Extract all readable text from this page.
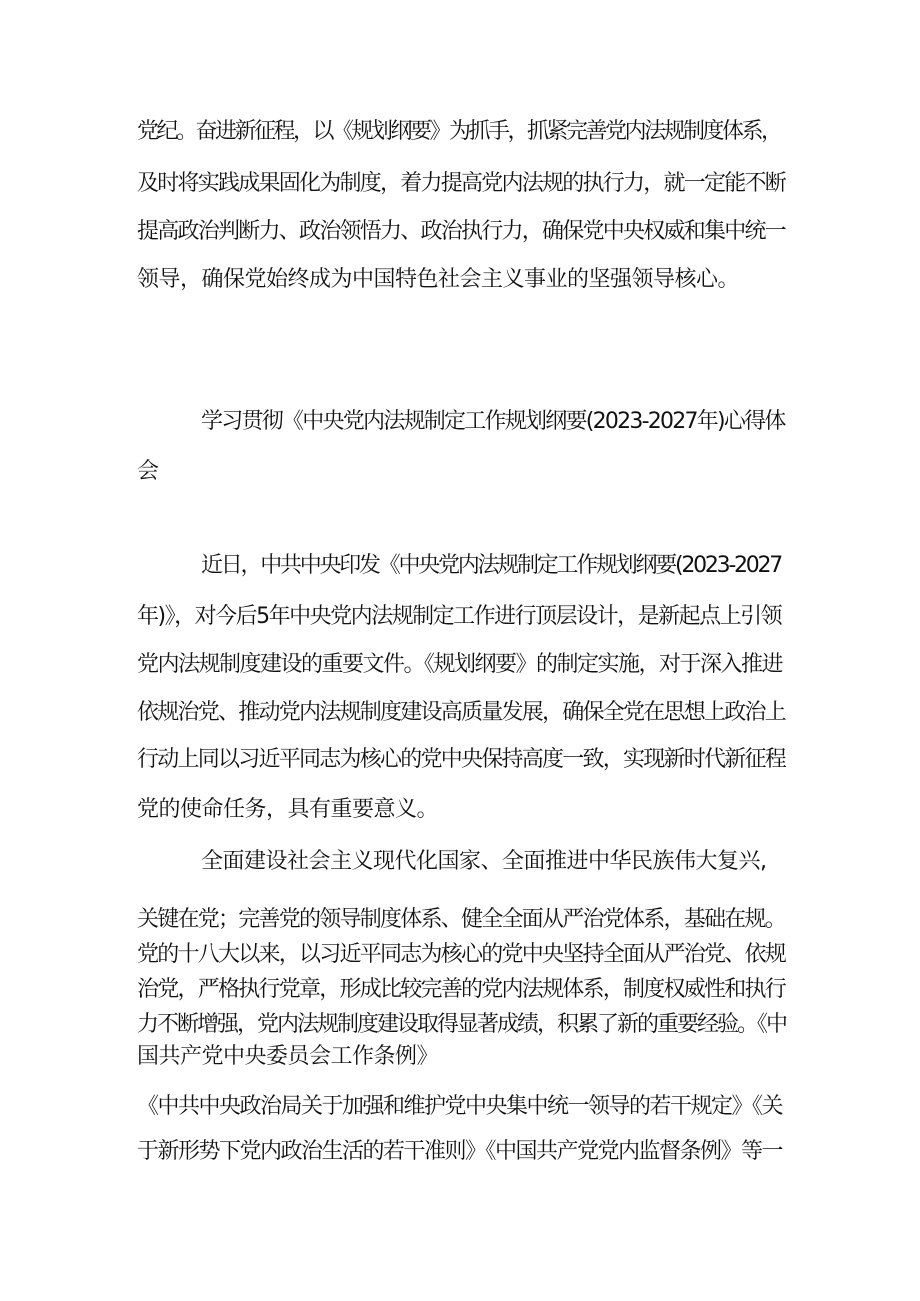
党纪。奋进新征程，以《规划纲要》为抓手，抓紧完善党内法规制度体系，
及时将实践成果固化为制度，着力提高党内法规的执行力，就一定能不断
提高政治判断力、政治领悟力、政治执行力，确保党中央权威和集中统一
领导，确保党始终成为中国特色社会主义事业的坚强领导核心。
学习贯彻《中央党内法规制定工作规划纲要(2023-2027年)心得体
会
近日，中共中央印发《中央党内法规制定工作规划纲要(2023-2027
年)》，对今后5年中央党内法规制定工作进行顶层设计，是新起点上引领
党内法规制度建设的重要文件。《规划纲要》的制定实施，对于深入推进
依规治党、推动党内法规制度建设高质量发展，确保全党在思想上政治上
行动上同以习近平同志为核心的党中央保持高度一致，实现新时代新征程
党的使命任务，具有重要意义。
全面建设社会主义现代化国家、全面推进中华民族伟大复兴,
关键在党；完善党的领导制度体系、健全全面从严治党体系，基础在规。
党的十八大以来，以习近平同志为核心的党中央坚持全面从严治党、依规
治党，严格执行党章，形成比较完善的党内法规体系，制度权威性和执行
力不断增强，党内法规制度建设取得显著成绩，积累了新的重要经验。《中
国共产党中央委员会工作条例》
《中共中央政治局关于加强和维护党中央集中统一领导的若干规定》《关
于新形势下党内政治生活的若干准则》《中国共产党党内监督条例》等一
